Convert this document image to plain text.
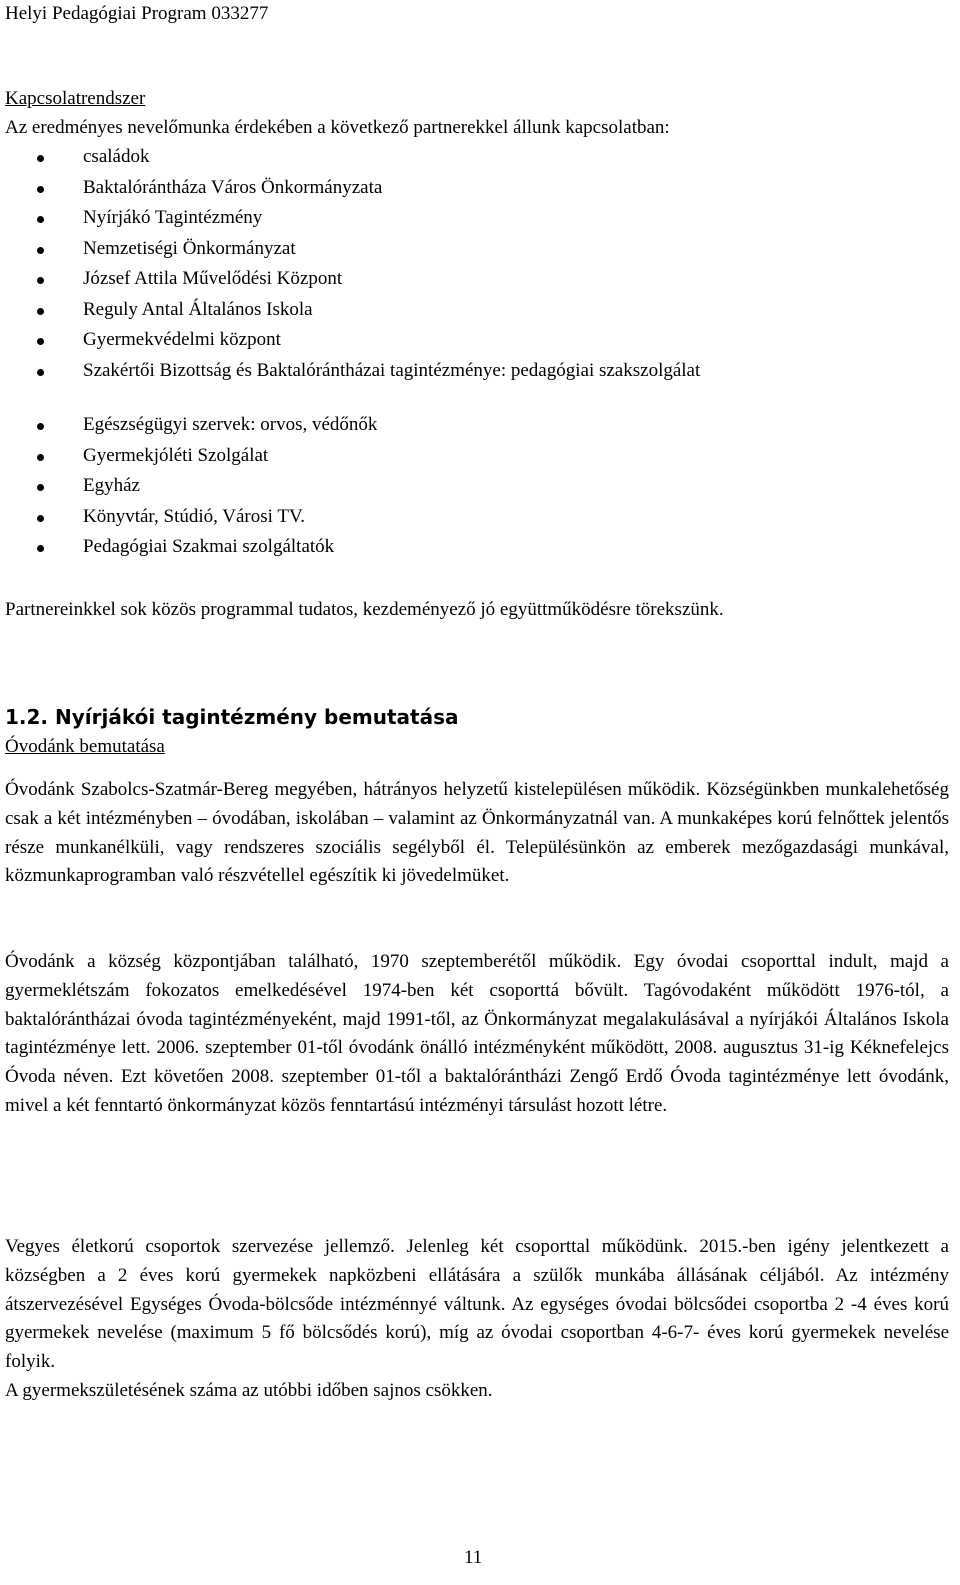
Helyi Pedagógiai Program 033277
Kapcsolatrendszer
Az eredményes nevelőmunka érdekében a következő partnerekkel állunk kapcsolatban:
családok
Baktalórántháza Város Önkormányzata
Nyírjákó Tagintézmény
Nemzetiségi Önkormányzat
József Attila Művelődési Központ
Reguly Antal Általános Iskola
Gyermekvédelmi központ
Szakértői Bizottság és Baktalórántházai tagintézménye: pedagógiai szakszolgálat
Egészségügyi szervek: orvos, védőnők
Gyermekjóléti Szolgálat
Egyház
Könyvtár, Stúdió, Városi TV.
Pedagógiai Szakmai szolgáltatók
Partnereinkkel sok közös programmal tudatos, kezdeményező jó együttműködésre törekszünk.
1.2. Nyírjákói tagintézmény bemutatása
Óvodánk bemutatása

Óvodánk Szabolcs-Szatmár-Bereg megyében, hátrányos helyzetű kistelepülésen működik. Községünkben munkalehetőség csak a két intézményben – óvodában, iskolában – valamint az Önkormányzatnál van. A munkaképes korú felnőttek jelentős része munkanélküli, vagy rendszeres szociális segélyből él. Településünkön az emberek mezőgazdasági munkával, közmunkaprogramban való részvétellel egészítik ki jövedelmüket.

Óvodánk a község központjában található, 1970 szeptemberétől működik. Egy óvodai csoporttal indult, majd a gyermeklétszám fokozatos emelkedésével 1974-ben két csoporttá bővült. Tagóvodaként működött 1976-tól, a baktalórántházai óvoda tagintézményeként, majd 1991-től, az Önkormányzat megalakulásával a nyírjákói Általános Iskola tagintézménye lett. 2006. szeptember 01-től óvodánk önálló intézményként működött, 2008. augusztus 31-ig Kéknefelejcs Óvoda néven. Ezt követően 2008. szeptember 01-től a baktalórántházi Zengő Erdő Óvoda tagintézménye lett óvodánk, mivel a két fenntartó önkormányzat közös fenntartású intézményi társulást hozott létre.

Vegyes életkorú csoportok szervezése jellemző. Jelenleg két csoporttal működünk. 2015.-ben igény jelentkezett a községben a 2 éves korú gyermekek napközbeni ellátására a szülők munkába állásának céljából. Az intézmény átszervezésével Egységes Óvoda-bölcsőde intézménnyé váltunk. Az egységes óvodai bölcsődei csoportba 2 -4 éves korú gyermekek nevelése (maximum 5 fő bölcsődés korú), míg az óvodai csoportban 4-6-7- éves korú gyermekek nevelése folyik.

A gyermekszületésének száma az utóbbi időben sajnos csökken.

11
